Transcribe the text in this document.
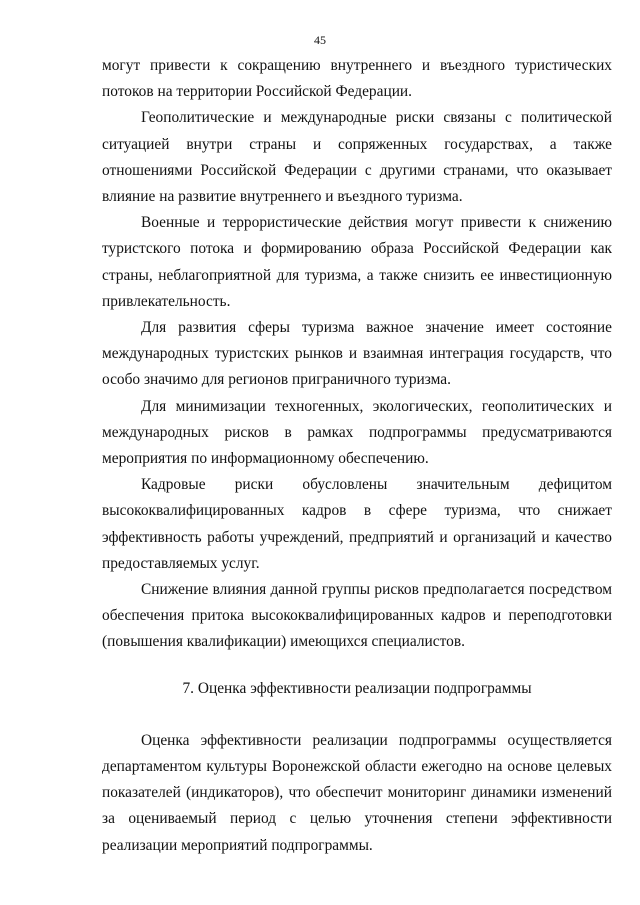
45

могут привести к сокращению внутреннего и въездного туристических потоков на территории Российской Федерации.

Геополитические и международные риски связаны с политической ситуацией внутри страны и сопряженных государствах, а также отношениями Российской Федерации с другими странами, что оказывает влияние на развитие внутреннего и въездного туризма.

Военные и террористические действия могут привести к снижению туристского потока и формированию образа Российской Федерации как страны, неблагоприятной для туризма, а также снизить ее инвестиционную привлекательность.

Для развития сферы туризма важное значение имеет состояние международных туристских рынков и взаимная интеграция государств, что особо значимо для регионов приграничного туризма.

Для минимизации техногенных, экологических, геополитических и международных рисков в рамках подпрограммы предусматриваются мероприятия по информационному обеспечению.

Кадровые риски обусловлены значительным дефицитом высококвалифицированных кадров в сфере туризма, что снижает эффективность работы учреждений, предприятий и организаций и качество предоставляемых услуг.

Снижение влияния данной группы рисков предполагается посредством обеспечения притока высококвалифицированных кадров и переподготовки (повышения квалификации) имеющихся специалистов.

7. Оценка эффективности реализации подпрограммы

Оценка эффективности реализации подпрограммы осуществляется департаментом культуры Воронежской области ежегодно на основе целевых показателей (индикаторов), что обеспечит мониторинг динамики изменений за оцениваемый период с целью уточнения степени эффективности реализации мероприятий подпрограммы.
